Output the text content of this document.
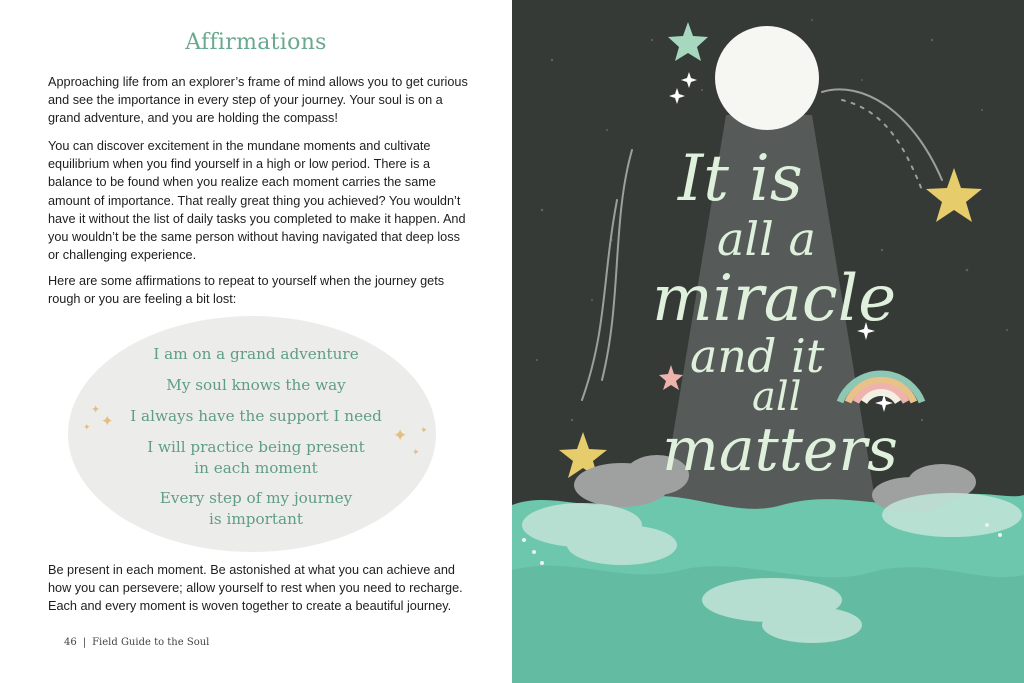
Affirmations

Approaching life from an explorer’s frame of mind allows you to get curious and see the importance in every step of your journey. Your soul is on a grand adventure, and you are holding the compass!

You can discover excitement in the mundane moments and cultivate equilibrium when you find yourself in a high or low period. There is a balance to be found when you realize each moment carries the same amount of importance. That really great thing you achieved? You wouldn’t have it without the list of daily tasks you completed to make it happen. And you wouldn’t be the same person without having navigated that deep loss or challenging experience.

Here are some affirmations to repeat to yourself when the journey gets rough or you are feeling a bit lost:

✦
✦
✦	✦ ✦
✦

I am on a grand adventure

My soul knows the way

I always have the support I need

I will practice being present
in each moment

Every step of my journey
is important

Be present in each moment. Be astonished at what you can achieve and how you can persevere; allow yourself to rest when you need to recharge. Each and every moment is woven together to create a beautiful journey.

46 | Field Guide to the Soul
It is
all a
miracle
and it
all
matters
